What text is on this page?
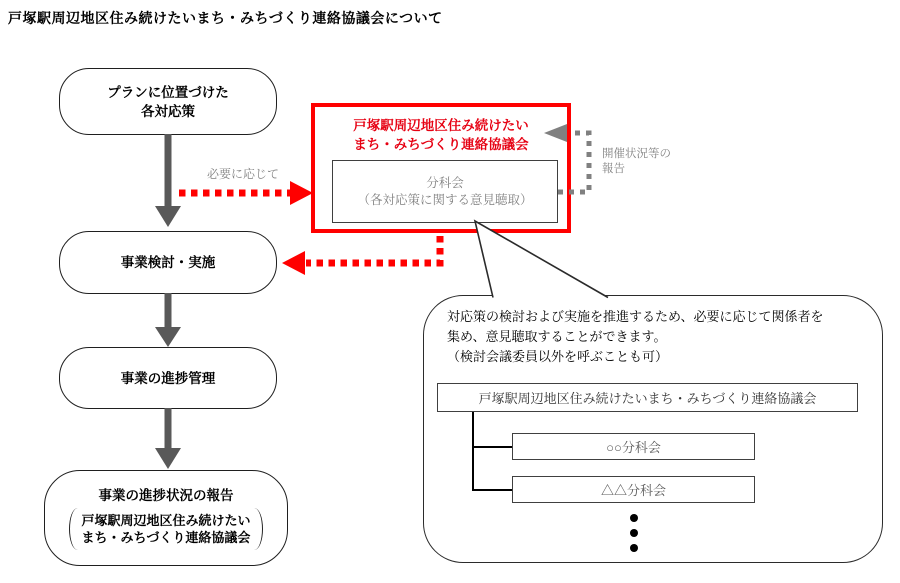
戸塚駅周辺地区住み続けたいまち・みちづくり連絡協議会について
プランに位置づけた
各対応策
事業検討・実施
事業の進捗管理
事業の進捗状況の報告
戸塚駅周辺地区住み続けたい
まち・みちづくり連絡協議会
必要に応じて
戸塚駅周辺地区住み続けたい
まち・みちづくり連絡協議会
分科会
（各対応策に関する意見聴取）
開催状況等の
報告
対応策の検討および実施を推進するため、必要に応じて関係者を
集め、意見聴取することができます。
（検討会議委員以外を呼ぶことも可）
戸塚駅周辺地区住み続けたいまち・みちづくり連絡協議会
○○分科会
△△分科会
